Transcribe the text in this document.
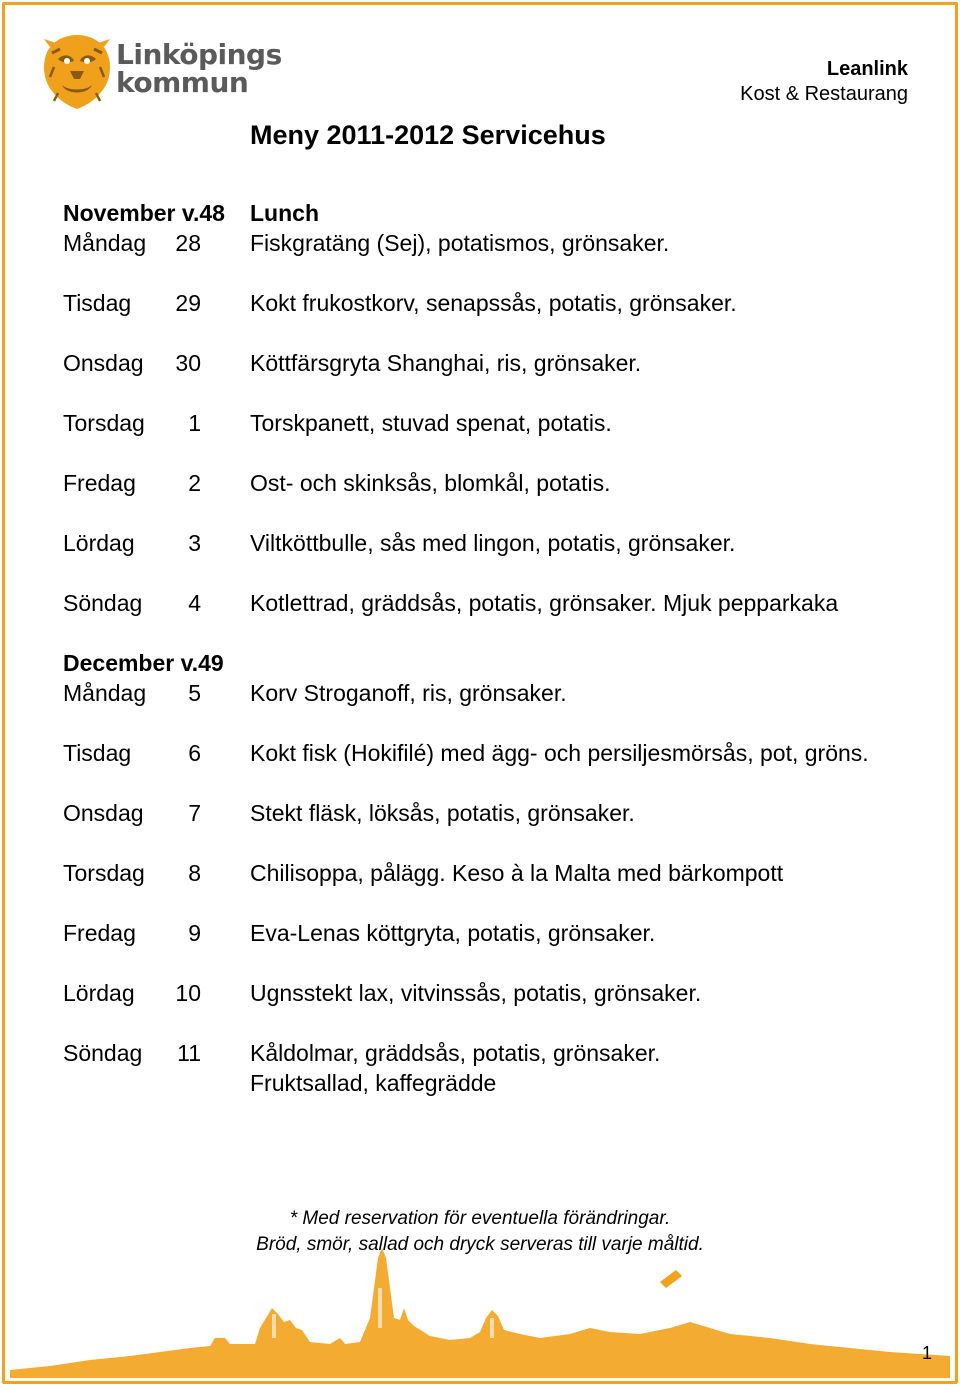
Linköpings
kommun	Leanlink
Kost & Restaurang
Meny 2011-2012 Servicehus
November v.48 Lunch
Måndag	28 Fiskgratäng (Sej), potatismos, grönsaker.
Tisdag	29 Kokt frukostkorv, senapssås, potatis, grönsaker.
Onsdag	30 Köttfärsgryta Shanghai, ris, grönsaker.
Torsdag	1 Torskpanett, stuvad spenat, potatis.
Fredag	2 Ost- och skinksås, blomkål, potatis.
Lördag	3 Viltköttbulle, sås med lingon, potatis, grönsaker.
Söndag	4 Kotlettrad, gräddsås, potatis, grönsaker. Mjuk pepparkaka
December v.49
Måndag	5 Korv Stroganoff, ris, grönsaker.
Tisdag	6 Kokt fisk (Hokifilé) med ägg- och persiljesmörsås, pot, gröns.
Onsdag	7 Stekt fläsk, löksås, potatis, grönsaker.
Torsdag	8 Chilisoppa, pålägg. Keso à la Malta med bärkompott
Fredag	9 Eva-Lenas köttgryta, potatis, grönsaker.
Lördag	10 Ugnsstekt lax, vitvinssås, potatis, grönsaker.
Söndag	11 Kåldolmar, gräddsås, potatis, grönsaker.
Fruktsallad, kaffegrädde
* Med reservation för eventuella förändringar.
Bröd, smör, sallad och dryck serveras till varje måltid.
1
